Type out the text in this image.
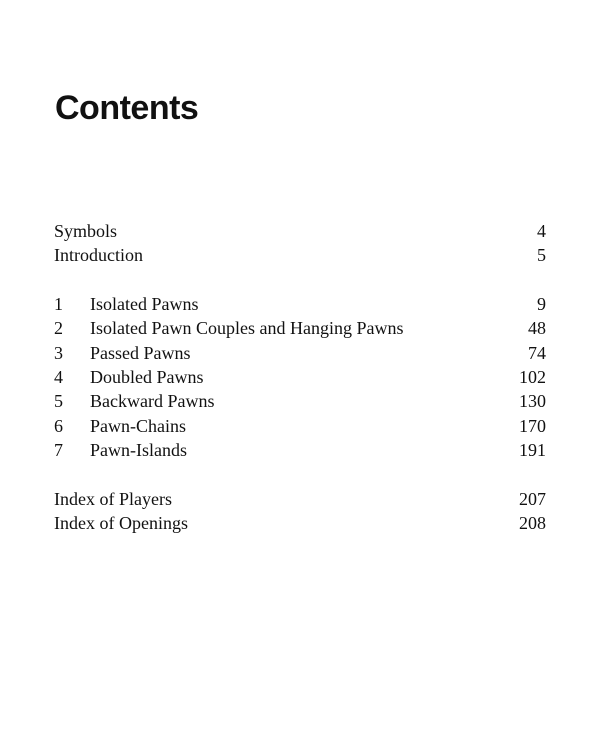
Contents
Symbols	4
Introduction	5
1	Isolated Pawns	9
2	Isolated Pawn Couples and Hanging Pawns	48
3	Passed Pawns	74
4	Doubled Pawns	102
5	Backward Pawns	130
6	Pawn-Chains	170
7	Pawn-Islands	191
Index of Players	207
Index of Openings	208
